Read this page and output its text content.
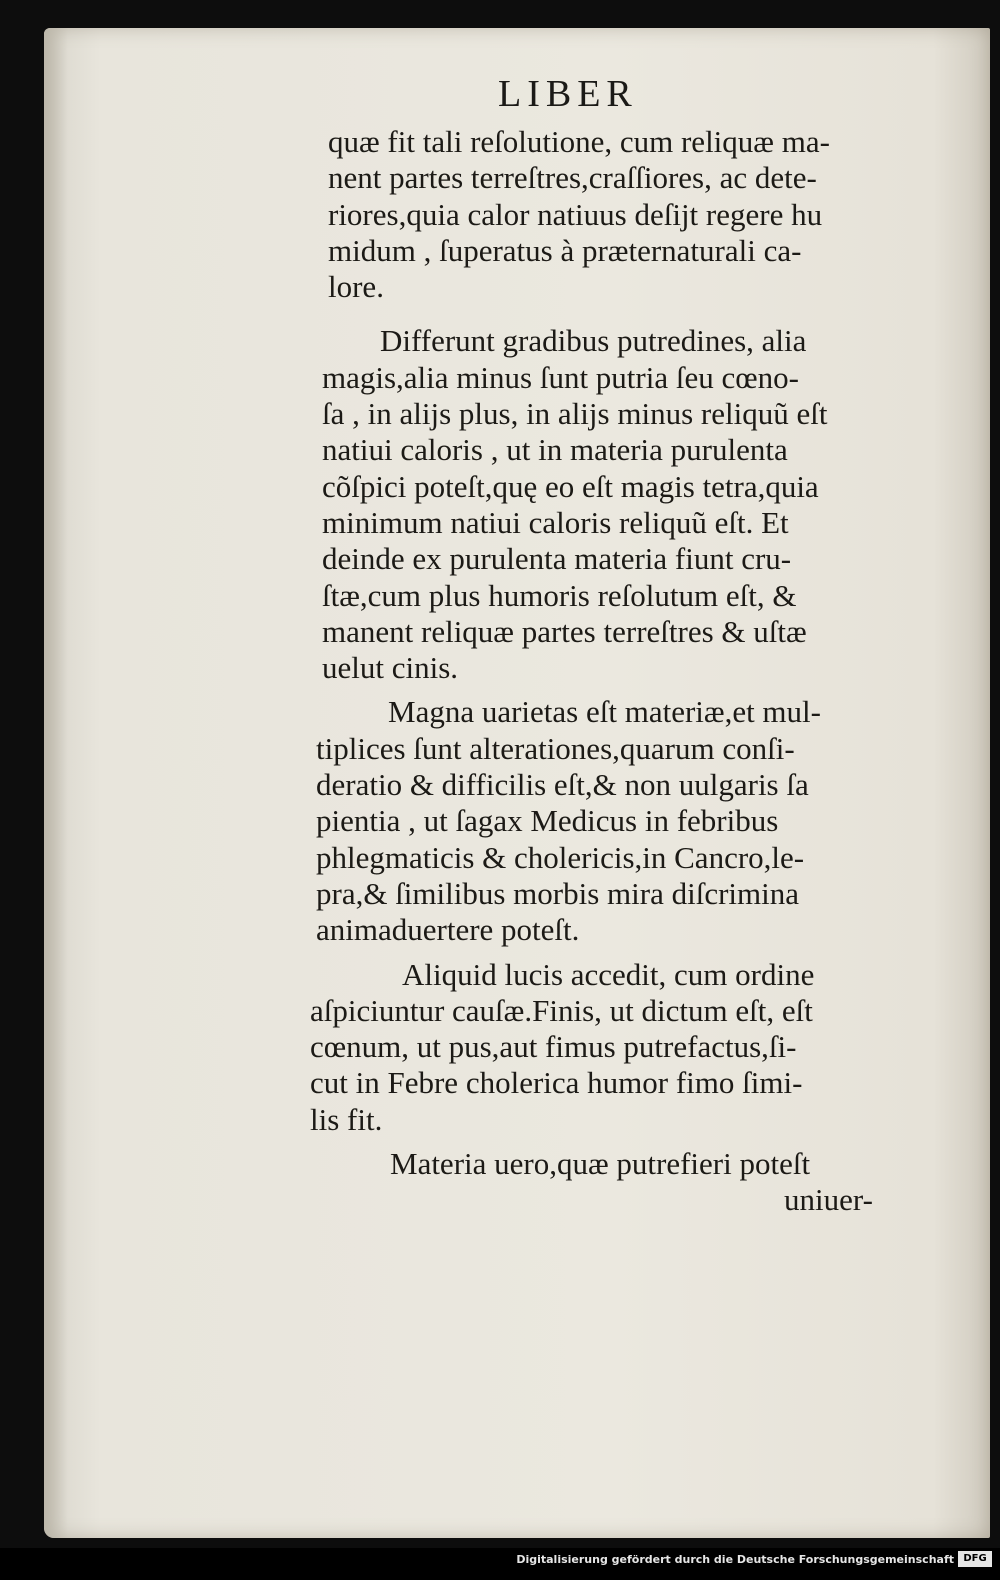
LIBER
quæ fit tali reſolutione, cum reliquæ ma-
nent partes terreſtres,craſſiores, ac dete-
riores,quia calor natiuus deſijt regere hu
midum , ſuperatus à præternaturali ca-
lore.
Differunt gradibus putredines, alia
magis,alia minus ſunt putria ſeu cœno-
ſa , in alijs plus, in alijs minus reliquũ eſt
natiui caloris , ut in materia purulenta
cõſpici poteſt,quę eo eſt magis tetra,quia
minimum natiui caloris reliquũ eſt. Et
deinde ex purulenta materia fiunt cru-
ſtæ,cum plus humoris reſolutum eſt, &
manent reliquæ partes terreſtres & uſtæ
uelut cinis.
Magna uarietas eſt materiæ,et mul-
tiplices ſunt alterationes,quarum conſi-
deratio & difficilis eſt,& non uulgaris ſa
pientia , ut ſagax Medicus in febribus
phlegmaticis & cholericis,in Cancro,le-
pra,& ſimilibus morbis mira diſcrimina
animaduertere poteſt.
Aliquid lucis accedit, cum ordine
aſpiciuntur cauſæ.Finis, ut dictum eſt, eſt
cœnum, ut pus,aut fimus putrefactus,ſi-
cut in Febre cholerica humor fimo ſimi-
lis fit.
Materia uero,quæ putrefieri poteſt
uniuer-
Digitalisierung gefördert durch die Deutsche Forschungsgemeinschaft DFG
